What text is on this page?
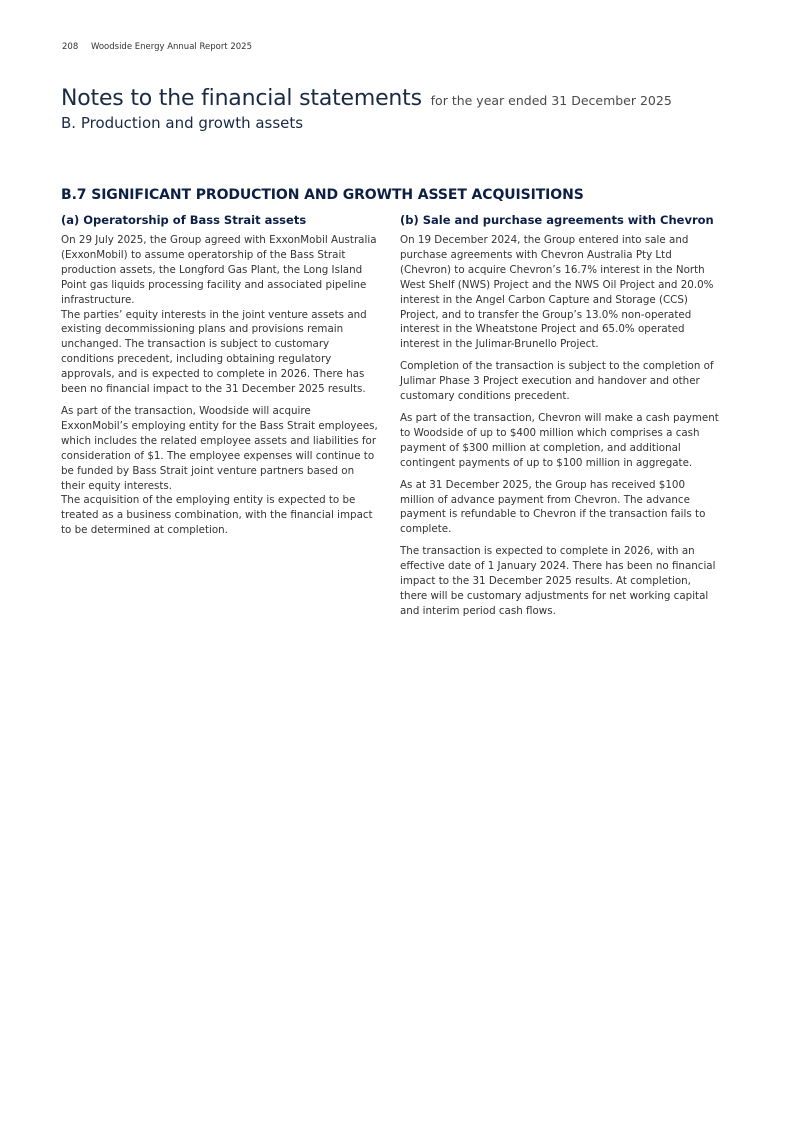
208 Woodside Energy Annual Report 2025
Notes to the financial statements for the year ended 31 December 2025
B. Production and growth assets
B.7 SIGNIFICANT PRODUCTION AND GROWTH ASSET ACQUISITIONS
(a) Operatorship of Bass Strait assets

On 29 July 2025, the Group agreed with ExxonMobil Australia (ExxonMobil) to assume operatorship of the Bass Strait production assets, the Longford Gas Plant, the Long Island Point gas liquids processing facility and associated pipeline infrastructure.

The parties’ equity interests in the joint venture assets and existing decommissioning plans and provisions remain unchanged. The transaction is subject to customary conditions precedent, including obtaining regulatory approvals, and is expected to complete in 2026. There has been no financial impact to the 31 December 2025 results.

As part of the transaction, Woodside will acquire ExxonMobil’s employing entity for the Bass Strait employees, which includes the related employee assets and liabilities for consideration of $1. The employee expenses will continue to be funded by Bass Strait joint venture partners based on their equity interests.

The acquisition of the employing entity is expected to be treated as a business combination, with the financial impact to be determined at completion.

(b) Sale and purchase agreements with Chevron

On 19 December 2024, the Group entered into sale and purchase agreements with Chevron Australia Pty Ltd (Chevron) to acquire Chevron’s 16.7% interest in the North West Shelf (NWS) Project and the NWS Oil Project and 20.0% interest in the Angel Carbon Capture and Storage (CCS) Project, and to transfer the Group’s 13.0% non-operated interest in the Wheatstone Project and 65.0% operated interest in the Julimar-Brunello Project.

Completion of the transaction is subject to the completion of Julimar Phase 3 Project execution and handover and other customary conditions precedent.

As part of the transaction, Chevron will make a cash payment to Woodside of up to $400 million which comprises a cash payment of $300 million at completion, and additional contingent payments of up to $100 million in aggregate.

As at 31 December 2025, the Group has received $100 million of advance payment from Chevron. The advance payment is refundable to Chevron if the transaction fails to complete.

The transaction is expected to complete in 2026, with an effective date of 1 January 2024. There has been no financial impact to the 31 December 2025 results. At completion, there will be customary adjustments for net working capital and interim period cash flows.
